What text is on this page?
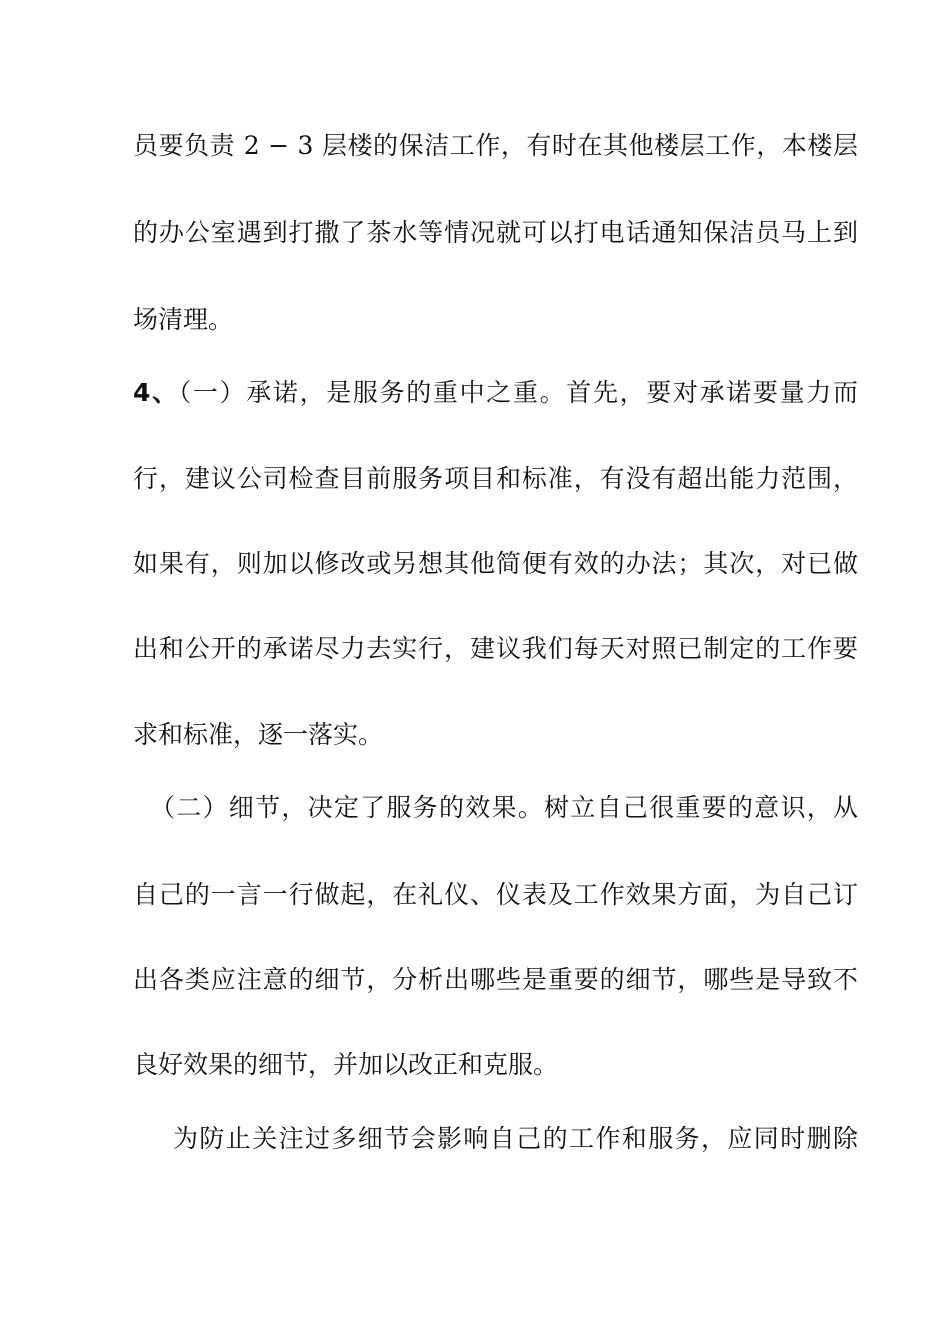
员要负责 2 − 3 层楼的保洁工作，有时在其他楼层工作，本楼层
的办公室遇到打撒了茶水等情况就可以打电话通知保洁员马上到
场清理。
4、（一）承诺，是服务的重中之重。首先，要对承诺要量力而
行，建议公司检查目前服务项目和标准，有没有超出能力范围，
如果有，则加以修改或另想其他简便有效的办法；其次，对已做
出和公开的承诺尽力去实行，建议我们每天对照已制定的工作要
求和标准，逐一落实。
（二）细节，决定了服务的效果。树立自己很重要的意识，从
自己的一言一行做起，在礼仪、仪表及工作效果方面，为自己订
出各类应注意的细节，分析出哪些是重要的细节，哪些是导致不
良好效果的细节，并加以改正和克服。
为防止关注过多细节会影响自己的工作和服务，应同时删除
